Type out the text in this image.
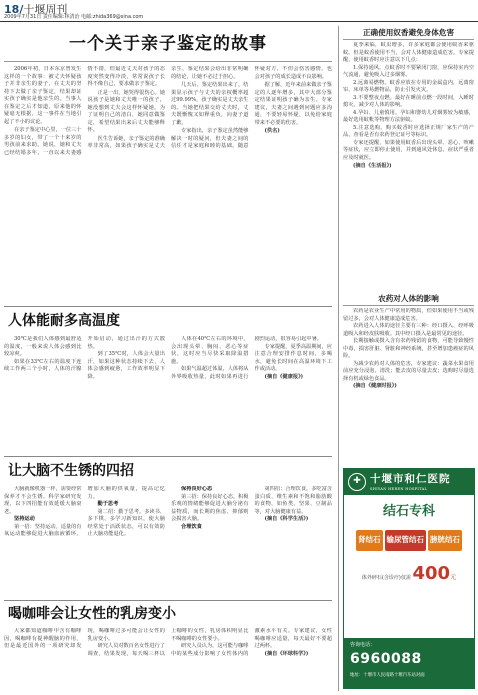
18/十堰周刊
2009年7月31日 责任编辑:林清治 电邮:zhida369@sina.com
一个关于亲子鉴定的故事

2006年初，日本东京曾发生这样的一个故事：被丈夫怀疑孩子并非亲生的妻子，在丈夫的坚持下去做了亲子鉴定，结果却证实孩子确实是他亲生的。当事人在鉴定之后才知道，原来他的怀疑毫无根据，这一事件在当地引起了不小的议论。

在亲子鉴定中心里，一位三十多岁的妇女，带了一个十来岁的男孩前来求助。她说，她和丈夫已经结婚多年，一直以来夫妻感情不错，但最近丈夫对孩子的态度突然变得冷淡，常常说孩子长得不像自己，要求做亲子鉴定。

正是一出，她哭得很伤心。她说孩子是她和丈夫唯一的孩子，她没想到丈夫会这样怀疑她。为了证明自己的清白，她同意做鉴定，希望结果出来后丈夫能够释怀。

医生告诉她，亲子鉴定的准确率非常高，如果孩子确实是丈夫亲生，鉴定结果会给出非常明确的结论，让她不必过于担心。

几天后，鉴定结果出来了，结果显示孩子与丈夫的亲权概率超过99.99%，孩子确实是丈夫亲生的。当她把结果交给丈夫时，丈夫既惭愧又如释重负，向妻子道了歉。

专家指出，亲子鉴定虽然能够解决一时的疑问，但夫妻之间的信任才是家庭和睦的基础。随意怀疑对方，不但会伤害感情，也会对孩子的成长造成不良影响。

据了解，近年来前来做亲子鉴定的人逐年增多，其中大部分鉴定结果证明孩子确为亲生。专家建议，夫妻之间遇到问题应多沟通，不要轻易怀疑，以免给家庭带来不必要的伤害。

(佚名)

人体能耐多高温度

30℃是我们人体感到最舒适的温度，一般来说人体会感到比较凉爽。

如果在33℃左右的温度下连续工作两三个小时，人体的汗腺开始启动，通过出汗的方式散热。

到了35℃时，人体会大量出汗，如果这种状态持续下去，人体会感到疲惫，工作效率明显下降。

人体在40℃左右的环境中，会出现头晕、胸闷、恶心等症状，这时应当尽快采取降温措施。

如果气温超过体温，人体将从外界吸收热量，此时如果再进行剧烈运动，很容易引起中暑。

专家提醒，夏季高温期间，应注意合理安排作息时间，多喝水，避免长时间在高温环境下工作或活动。

(摘自《健康报》)

让大脑不生锈的四招

大脑就像机器一样，需要经常保养才不会生锈。科学家研究发现，以下四招能有效延缓大脑衰老。

坚持运动

第一招：坚持运动。适量的有氧运动能够促进大脑血液循环，增加大脑的供氧量，提高记忆力。

勤于思考

第二招：勤于思考。多读书、多下棋、多学习新知识，使大脑经常处于活跃状态，可以有效防止大脑功能退化。

保持良好心态

第三招：保持良好心态。积极乐观的情绪能够促进大脑分泌有益物质，而长期的焦虑、抑郁则会损害大脑。

合理饮食

第四招：合理饮食。多吃富含蛋白质、维生素和不饱和脂肪酸的食物，如鱼类、坚果、豆制品等，对大脑健康有益。

(摘自《科学生活》)

喝咖啡会让女性的乳房变小

大家都知道咖啡中含有咖啡因，喝咖啡有提神醒脑的作用，但是最近国外的一项研究却发现，喝咖啡过多可能会让女性的乳房变小。

研究人员对数百名女性进行了调查，结果发现，每天喝三杯以上咖啡的女性，乳房体积明显比不喝咖啡的女性要小。

研究人员认为，这可能与咖啡中的某些成分影响了女性体内的激素水平有关。专家建议，女性喝咖啡应适量，每天最好不要超过两杯。

(摘自《环球科学》)

正确使用奴香避免身体危害

夏季来临，蚊虫增多，许多家庭都会使用蚊香来驱蚊。但是蚊香使用不当，会对人体健康造成危害。专家提醒，使用蚊香时应注意以下几点：

1.保持通风。点蚊香时不要紧闭门窗，应保持室内空气流通，避免吸入过多烟雾。

2.远离易燃物。蚊香应放在专用的金属盒内，远离窗帘、床单等易燃物品，防止引发火灾。

3.不要整夜点燃。最好在睡前点燃一段时间，入睡时熄灭，减少对人体的影响。

4.孕妇、儿童慎用。孕妇和婴幼儿对烟雾较为敏感，最好选用蚊帐等物理方法驱蚊。

5.注意选购。购买蚊香时应选择正规厂家生产的产品，查看是否有农药登记证号等标识。

专家还提醒，如果使用蚊香后出现头晕、恶心、咳嗽等症状，应立即停止使用，并到通风处休息，症状严重者应及时就医。

(摘自《生活报》)

农药对人体的影响

农药是农业生产中常用的物质，但如果使用不当或残留过多，会对人体健康造成危害。

农药进入人体的途径主要有三种：经口摄入、经呼吸道吸入和经皮肤吸收。其中经口摄入是最常见的途径。

长期接触或摄入含有农药残留的食物，可能导致慢性中毒，损害肝脏、肾脏和神经系统，甚至增加患癌症的风险。

为减少农药对人体的危害，专家建议：蔬菜水果食用前应充分浸泡、清洗；能去皮的尽量去皮；选购时尽量选择有机或绿色食品。

(摘自《健康时报》)

✚ 十堰市和仁医院
SHIYAN HEREN HOSPITAL
结石专科
肾结石 输尿管结石 膀胱结石
体外碎石(含诊疗)仅需 400元
咨询电话：
6960088
地址：十堰市人民南路十堰汽车站对面
